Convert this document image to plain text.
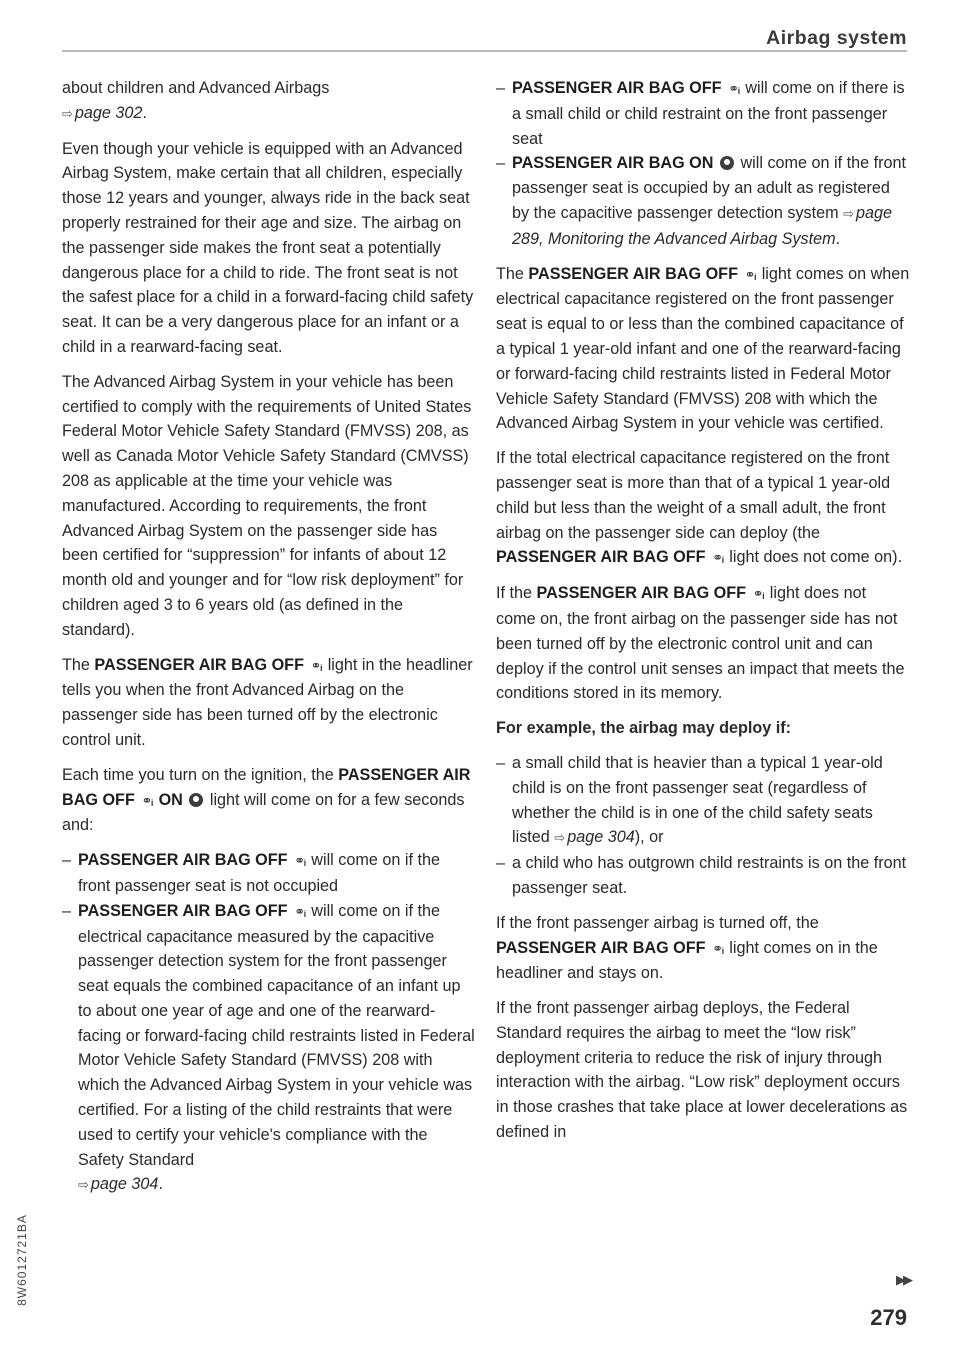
Airbag system

about children and Advanced Airbags
⇨ page 302.

Even though your vehicle is equipped with an Advanced Airbag System, make certain that all children, especially those 12 years and younger, always ride in the back seat properly restrained for their age and size. The airbag on the passenger side makes the front seat a potentially dangerous place for a child to ride. The front seat is not the safest place for a child in a forward-facing child safety seat. It can be a very dangerous place for an infant or a child in a rearward-facing seat.

The Advanced Airbag System in your vehicle has been certified to comply with the requirements of United States Federal Motor Vehicle Safety Standard (FMVSS) 208, as well as Canada Motor Vehicle Safety Standard (CMVSS) 208 as applicable at the time your vehicle was manufactured. According to requirements, the front Advanced Airbag System on the passenger side has been certified for “suppression” for infants of about 12 month old and younger and for “low risk deployment” for children aged 3 to 6 years old (as defined in the standard).

The PASSENGER AIR BAG OFF ⚭ᵢ light in the headliner tells you when the front Advanced Airbag on the passenger side has been turned off by the electronic control unit.

Each time you turn on the ignition, the PASSENGER AIR BAG OFF ⚭ᵢ ON light will come on for a few seconds and:

– PASSENGER AIR BAG OFF ⚭ᵢ will come on if the front passenger seat is not occupied
– PASSENGER AIR BAG OFF ⚭ᵢ will come on if the electrical capacitance measured by the capacitive passenger detection system for the front passenger seat equals the combined capacitance of an infant up to about one year of age and one of the rearward-facing or forward-facing child restraints listed in Federal Motor Vehicle Safety Standard (FMVSS) 208 with which the Advanced Airbag System in your vehicle was certified. For a listing of the child restraints that were used to certify your vehicle's compliance with the Safety Standard
⇨ page 304.
– PASSENGER AIR BAG OFF ⚭ᵢ will come on if there is a small child or child restraint on the front passenger seat
– PASSENGER AIR BAG ON will come on if the front passenger seat is occupied by an adult as registered by the capacitive passenger detection system ⇨ page 289, Monitoring the Advanced Airbag System.

The PASSENGER AIR BAG OFF ⚭ᵢ light comes on when electrical capacitance registered on the front passenger seat is equal to or less than the combined capacitance of a typical 1 year-old infant and one of the rearward-facing or forward-facing child restraints listed in Federal Motor Vehicle Safety Standard (FMVSS) 208 with which the Advanced Airbag System in your vehicle was certified.

If the total electrical capacitance registered on the front passenger seat is more than that of a typical 1 year-old child but less than the weight of a small adult, the front airbag on the passenger side can deploy (the PASSENGER AIR BAG OFF ⚭ᵢ light does not come on).

If the PASSENGER AIR BAG OFF ⚭ᵢ light does not come on, the front airbag on the passenger side has not been turned off by the electronic control unit and can deploy if the control unit senses an impact that meets the conditions stored in its memory.

For example, the airbag may deploy if:

– a small child that is heavier than a typical 1 year-old child is on the front passenger seat (regardless of whether the child is in one of the child safety seats listed ⇨ page 304), or
– a child who has outgrown child restraints is on the front passenger seat.

If the front passenger airbag is turned off, the PASSENGER AIR BAG OFF ⚭ᵢ light comes on in the headliner and stays on.

If the front passenger airbag deploys, the Federal Standard requires the airbag to meet the “low risk” deployment criteria to reduce the risk of injury through interaction with the airbag. “Low risk” deployment occurs in those crashes that take place at lower decelerations as defined in

▶▶
8W6012721BA
279
